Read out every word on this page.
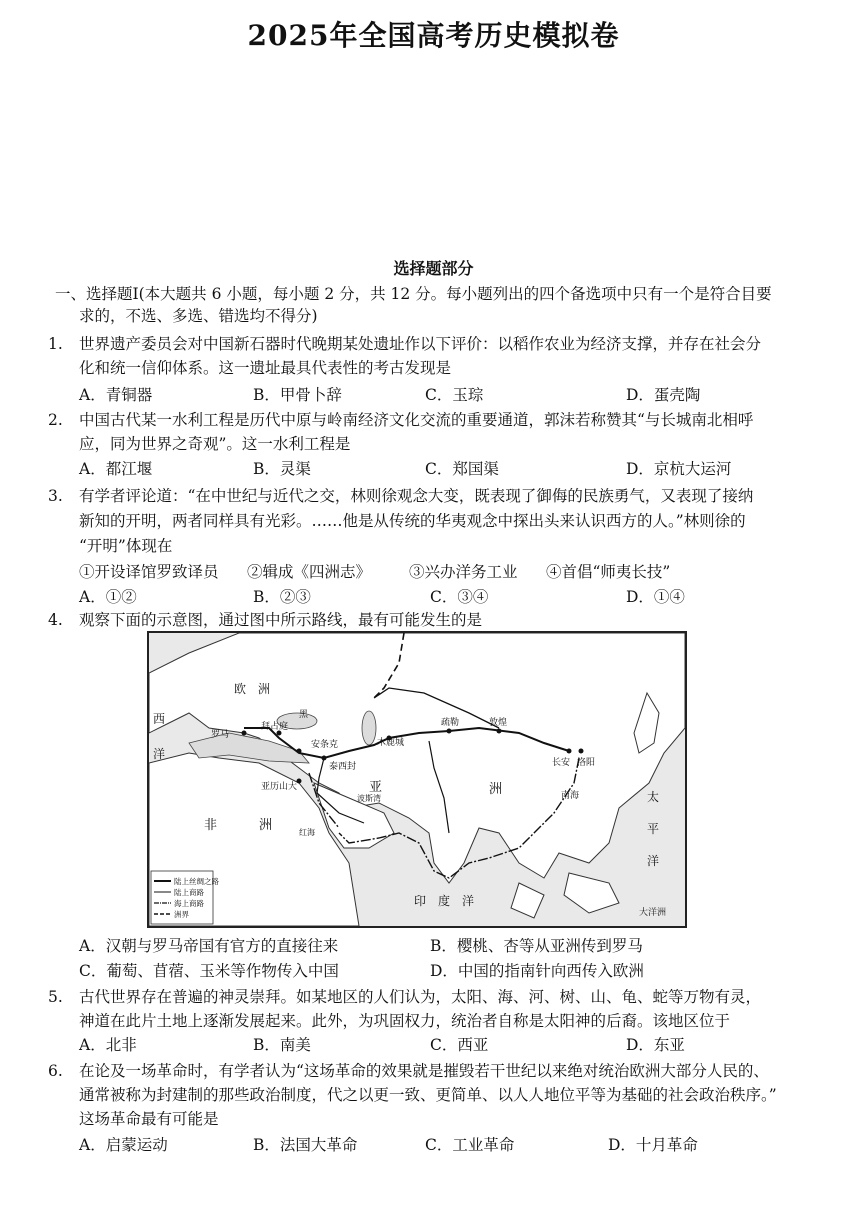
2025年全国高考历史模拟卷
选择题部分
一、选择题Ⅰ(本大题共 6 小题，每小题 2 分，共 12 分。每小题列出的四个备选项中只有一个是符合目要
求的，不选、多选、错选均不得分)
1. 世界遗产委员会对中国新石器时代晚期某处遗址作以下评价：以稻作农业为经济支撑，并存在社会分
化和统一信仰体系。这一遗址最具代表性的考古发现是
A．青铜器	B．甲骨卜辞	C．玉琮	D．蛋壳陶
2. 中国古代某一水利工程是历代中原与岭南经济文化交流的重要通道，郭沫若称赞其“与长城南北相呼
应，同为世界之奇观”。这一水利工程是
A．都江堰	B．灵渠	C．郑国渠	D．京杭大运河
3. 有学者评论道：“在中世纪与近代之交，林则徐观念大变，既表现了御侮的民族勇气，又表现了接纳
新知的开明，两者同样具有光彩。……他是从传统的华夷观念中探出头来认识西方的人。”林则徐的
“开明”体现在
①开设译馆罗致译员 ②辑成《四洲志》 ③兴办洋务工业 ④首倡“师夷长技”
A．①②	B．②③	C．③④	D．①④
4. 观察下面的示意图，通过图中所示路线，最有可能发生的是
欧　洲
亚	洲
非	洲
印　度　洋
太
平
洋
西
洋
罗马
拜占庭
黑
安条克
亚历山大
泰西封
红海
波斯湾
木鹿城
疏勒	敦煌
长安 洛阳
南海
大洋洲
陆上丝绸之路
陆上商路
海上商路
洲界
A．汉朝与罗马帝国有官方的直接往来	B．樱桃、杏等从亚洲传到罗马
C．葡萄、苜蓿、玉米等作物传入中国	D．中国的指南针向西传入欧洲
5. 古代世界存在普遍的神灵崇拜。如某地区的人们认为，太阳、海、河、树、山、龟、蛇等万物有灵，
神道在此片土地上逐渐发展起来。此外，为巩固权力，统治者自称是太阳神的后裔。该地区位于
A．北非	B．南美	C．西亚	D．东亚
6. 在论及一场革命时，有学者认为“这场革命的效果就是摧毁若干世纪以来绝对统治欧洲大部分人民的、
通常被称为封建制的那些政治制度，代之以更一致、更简单、以人人地位平等为基础的社会政治秩序。”
这场革命最有可能是
A．启蒙运动	B．法国大革命	C．工业革命	D．十月革命
